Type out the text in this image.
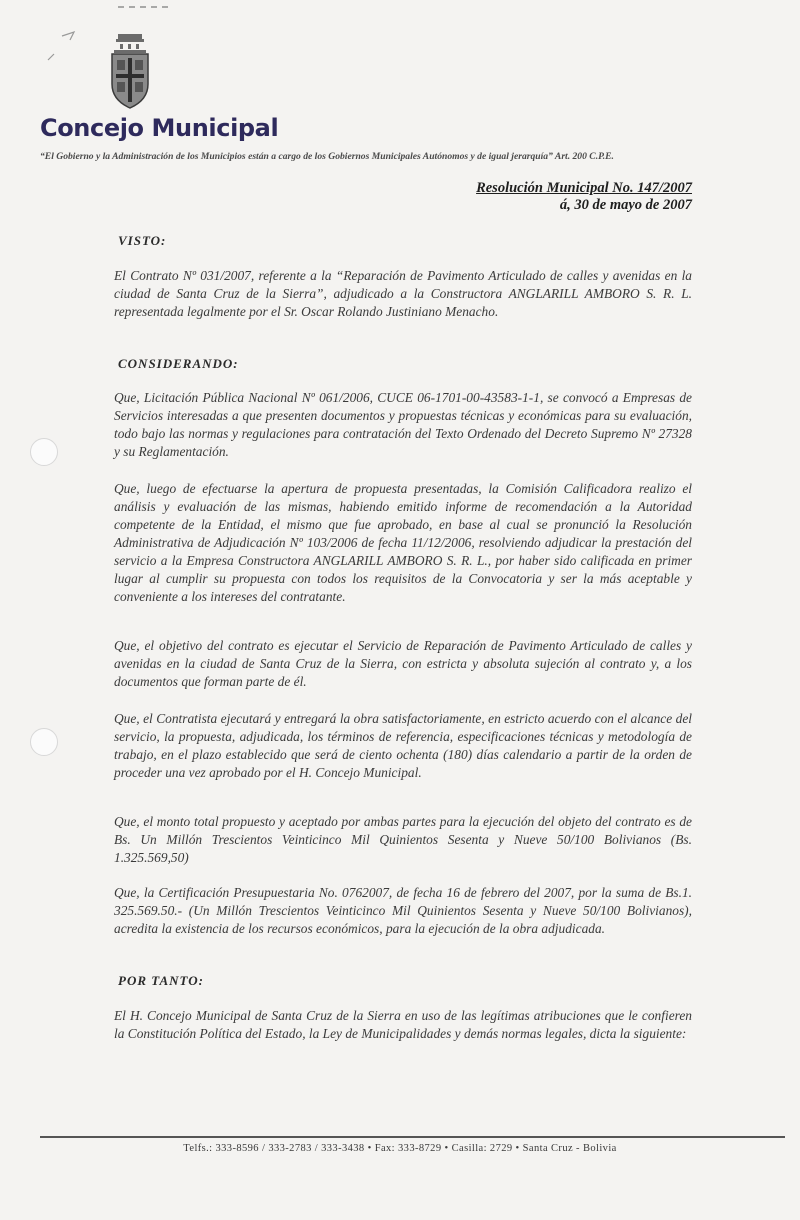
Concejo Municipal
“El Gobierno y la Administración de los Municipios están a cargo de los Gobiernos Municipales Autónomos y de igual jerarquía” Art. 200 C.P.E.
Resolución Municipal No. 147/2007
á, 30 de mayo de 2007
VISTO:

El Contrato Nº 031/2007, referente a la “Reparación de Pavimento Articulado de calles y avenidas en la ciudad de Santa Cruz de la Sierra”, adjudicado a la Constructora ANGLARILL AMBORO S. R. L. representada legalmente por el Sr. Oscar Rolando Justiniano Menacho.

CONSIDERANDO:

Que, Licitación Pública Nacional Nº 061/2006, CUCE 06-1701-00-43583-1-1, se convocó a Empresas de Servicios interesadas a que presenten documentos y propuestas técnicas y económicas para su evaluación, todo bajo las normas y regulaciones para contratación del Texto Ordenado del Decreto Supremo Nº 27328 y su Reglamentación.

Que, luego de efectuarse la apertura de propuesta presentadas, la Comisión Calificadora realizo el análisis y evaluación de las mismas, habiendo emitido informe de recomendación a la Autoridad competente de la Entidad, el mismo que fue aprobado, en base al cual se pronunció la Resolución Administrativa de Adjudicación Nº 103/2006 de fecha 11/12/2006, resolviendo adjudicar la prestación del servicio a la Empresa Constructora ANGLARILL AMBORO S. R. L., por haber sido calificada en primer lugar al cumplir su propuesta con todos los requisitos de la Convocatoria y ser la más aceptable y conveniente a los intereses del contratante.

Que, el objetivo del contrato es ejecutar el Servicio de Reparación de Pavimento Articulado de calles y avenidas en la ciudad de Santa Cruz de la Sierra, con estricta y absoluta sujeción al contrato y, a los documentos que forman parte de él.

Que, el Contratista ejecutará y entregará la obra satisfactoriamente, en estricto acuerdo con el alcance del servicio, la propuesta, adjudicada, los términos de referencia, especificaciones técnicas y metodología de trabajo, en el plazo establecido que será de ciento ochenta (180) días calendario a partir de la orden de proceder una vez aprobado por el H. Concejo Municipal.

Que, el monto total propuesto y aceptado por ambas partes para la ejecución del objeto del contrato es de Bs. Un Millón Trescientos Veinticinco Mil Quinientos Sesenta y Nueve 50/100 Bolivianos (Bs. 1.325.569,50)

Que, la Certificación Presupuestaria No. 0762007, de fecha 16 de febrero del 2007, por la suma de Bs.1. 325.569.50.- (Un Millón Trescientos Veinticinco Mil Quinientos Sesenta y Nueve 50/100 Bolivianos), acredita la existencia de los recursos económicos, para la ejecución de la obra adjudicada.

POR TANTO:

El H. Concejo Municipal de Santa Cruz de la Sierra en uso de las legítimas atribuciones que le confieren la Constitución Política del Estado, la Ley de Municipalidades y demás normas legales, dicta la siguiente:

Telfs.: 333-8596 / 333-2783 / 333-3438 • Fax: 333-8729 • Casilla: 2729 • Santa Cruz - Bolivia
